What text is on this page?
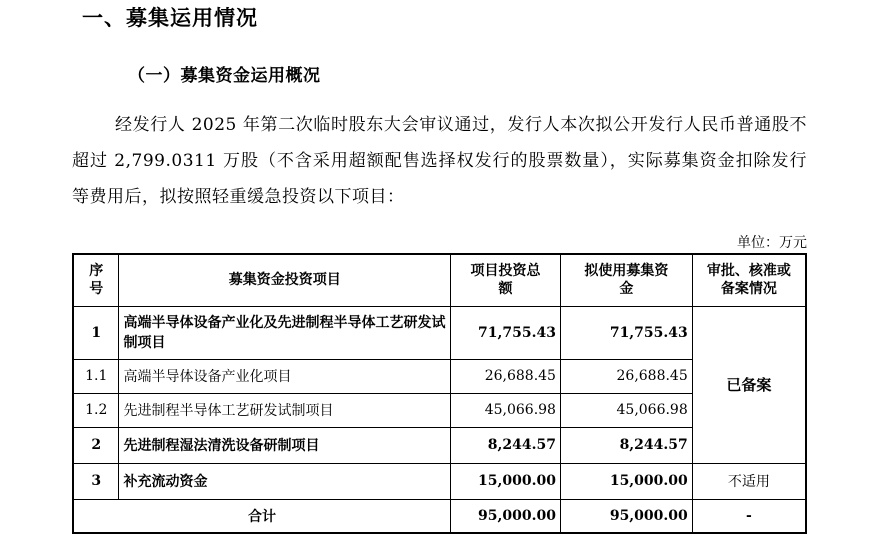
一、募集运用情况
（一）募集资金运用概况

经发行人 2025 年第二次临时股东大会审议通过，发行人本次拟公开发行人民币普通股不超过 2,799.0311 万股（不含采用超额配售选择权发行的股票数量），实际募集资金扣除发行等费用后，拟按照轻重缓急投资以下项目：

单位：万元
序号	募集资金投资项目	项目投资总额	拟使用募集资金	审批、核准或备案情况
1	高端半导体设备产业化及先进制程半导体工艺研发试制项目	71,755.43	71,755.43	已备案
1.1	高端半导体设备产业化项目	26,688.45	26,688.45	
1.2	先进制程半导体工艺研发试制项目	45,066.98	45,066.98	
2	先进制程湿法清洗设备研制项目	8,244.57	8,244.57	
3	补充流动资金	15,000.00	15,000.00	不适用
合计		95,000.00	95,000.00	-
